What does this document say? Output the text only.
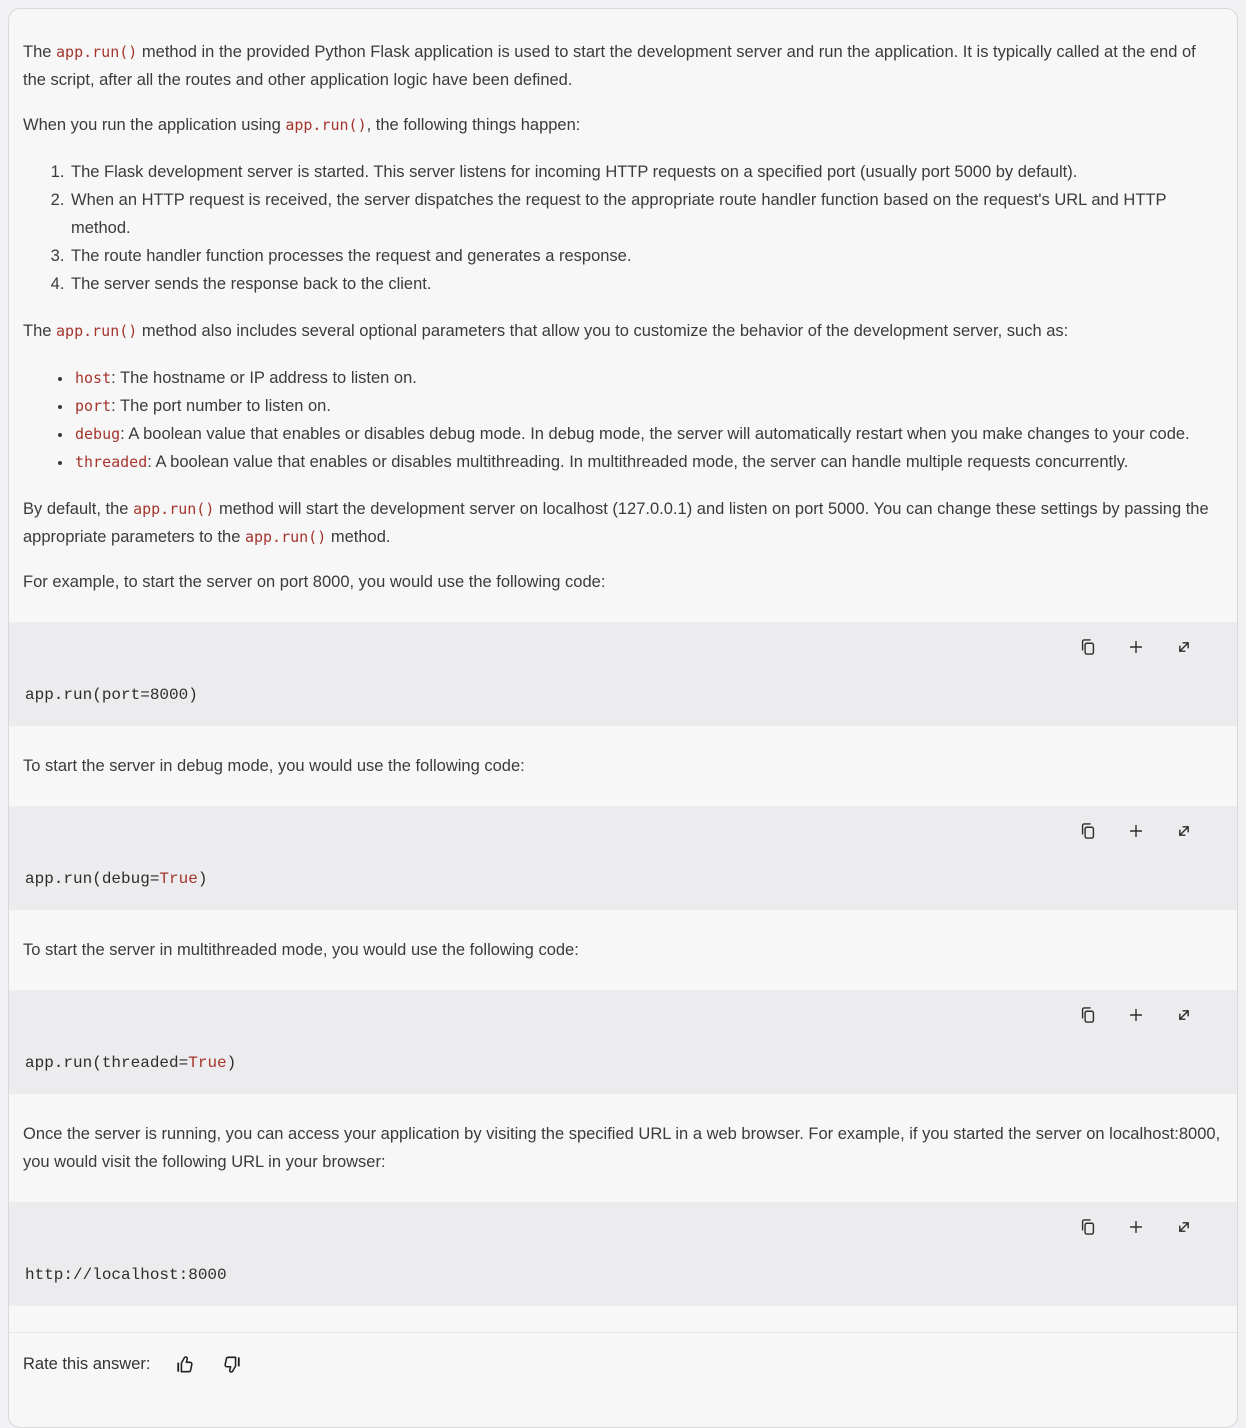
The app.run() method in the provided Python Flask application is used to start the development server and run the application. It is typically called at the end of the script, after all the routes and other application logic have been defined.

When you run the application using app.run(), the following things happen:

1. The Flask development server is started. This server listens for incoming HTTP requests on a specified port (usually port 5000 by default).
2. When an HTTP request is received, the server dispatches the request to the appropriate route handler function based on the request's URL and HTTP method.
3. The route handler function processes the request and generates a response.
4. The server sends the response back to the client.

The app.run() method also includes several optional parameters that allow you to customize the behavior of the development server, such as:

• host: The hostname or IP address to listen on.
• port: The port number to listen on.
• debug: A boolean value that enables or disables debug mode. In debug mode, the server will automatically restart when you make changes to your code.
• threaded: A boolean value that enables or disables multithreading. In multithreaded mode, the server can handle multiple requests concurrently.

By default, the app.run() method will start the development server on localhost (127.0.0.1) and listen on port 5000. You can change these settings by passing the appropriate parameters to the app.run() method.

For example, to start the server on port 8000, you would use the following code:

app.run(port=8000)

To start the server in debug mode, you would use the following code:

app.run(debug=True)

To start the server in multithreaded mode, you would use the following code:

app.run(threaded=True)

Once the server is running, you can access your application by visiting the specified URL in a web browser. For example, if you started the server on localhost:8000, you would visit the following URL in your browser:

http://localhost:8000
Rate this answer:
